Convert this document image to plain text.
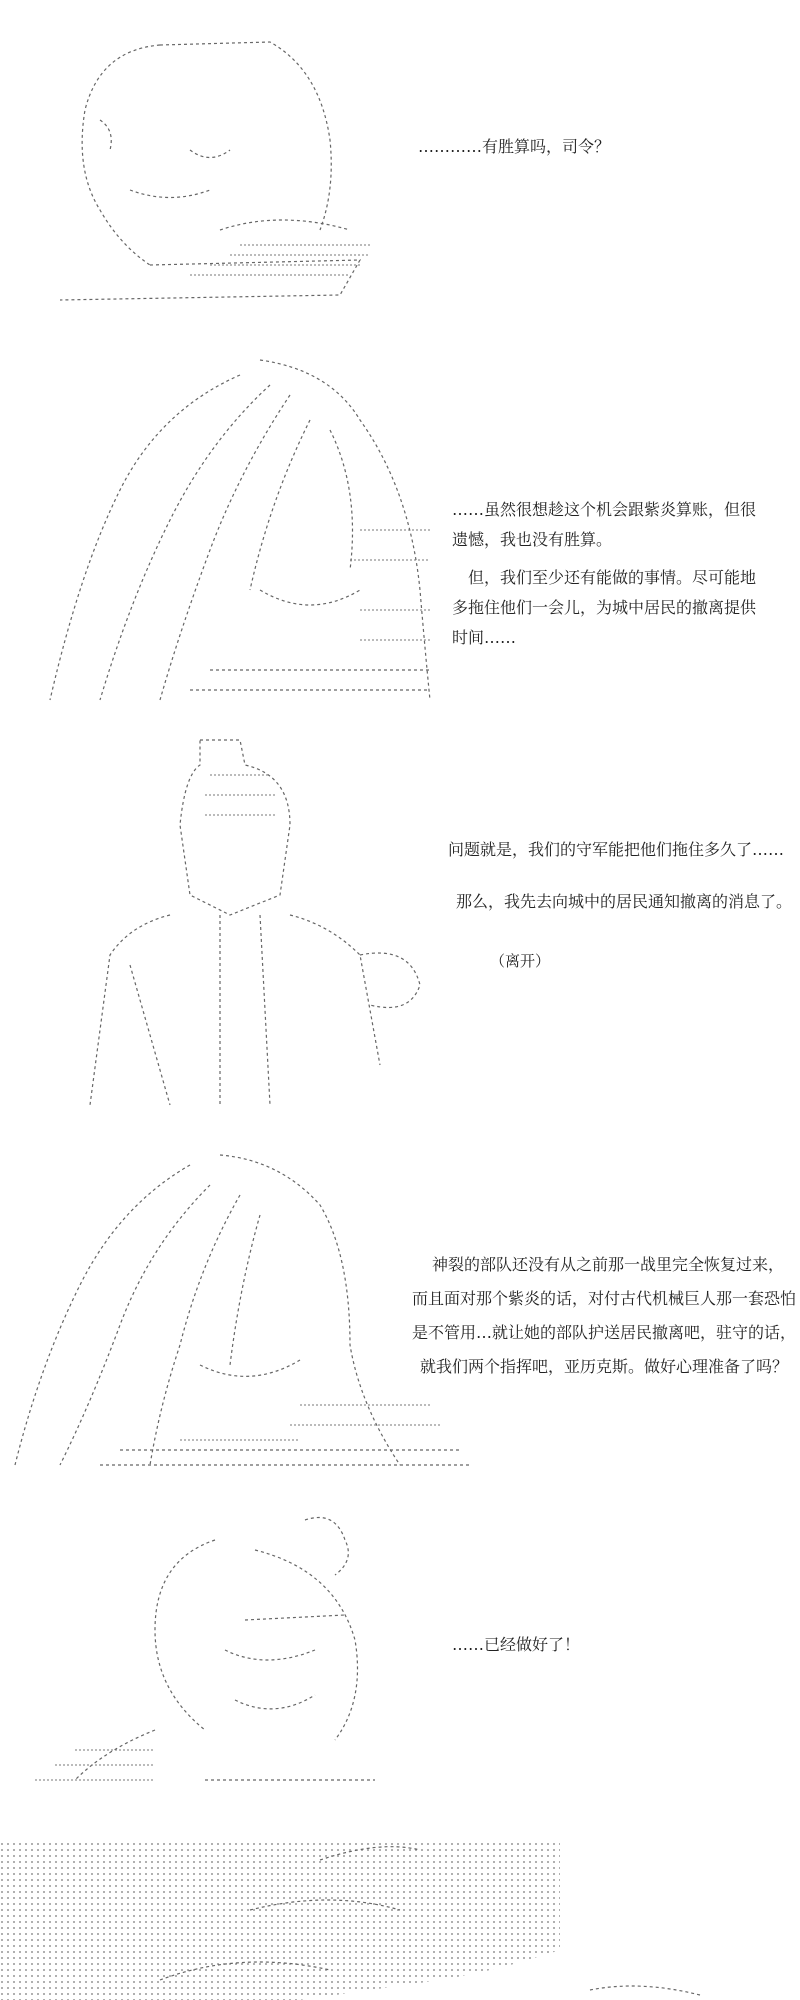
…………有胜算吗，司令？

……虽然很想趁这个机会跟紫炎算账，但很

遗憾，我也没有胜算。

　但，我们至少还有能做的事情。尽可能地

多拖住他们一会儿，为城中居民的撤离提供

时间……

问题就是，我们的守军能把他们拖住多久了……

那么，我先去向城中的居民通知撤离的消息了。

（离开）

神裂的部队还没有从之前那一战里完全恢复过来，

而且面对那个紫炎的话，对付古代机械巨人那一套恐怕

是不管用…就让她的部队护送居民撤离吧，驻守的话，

就我们两个指挥吧，亚历克斯。做好心理准备了吗？

……已经做好了！
